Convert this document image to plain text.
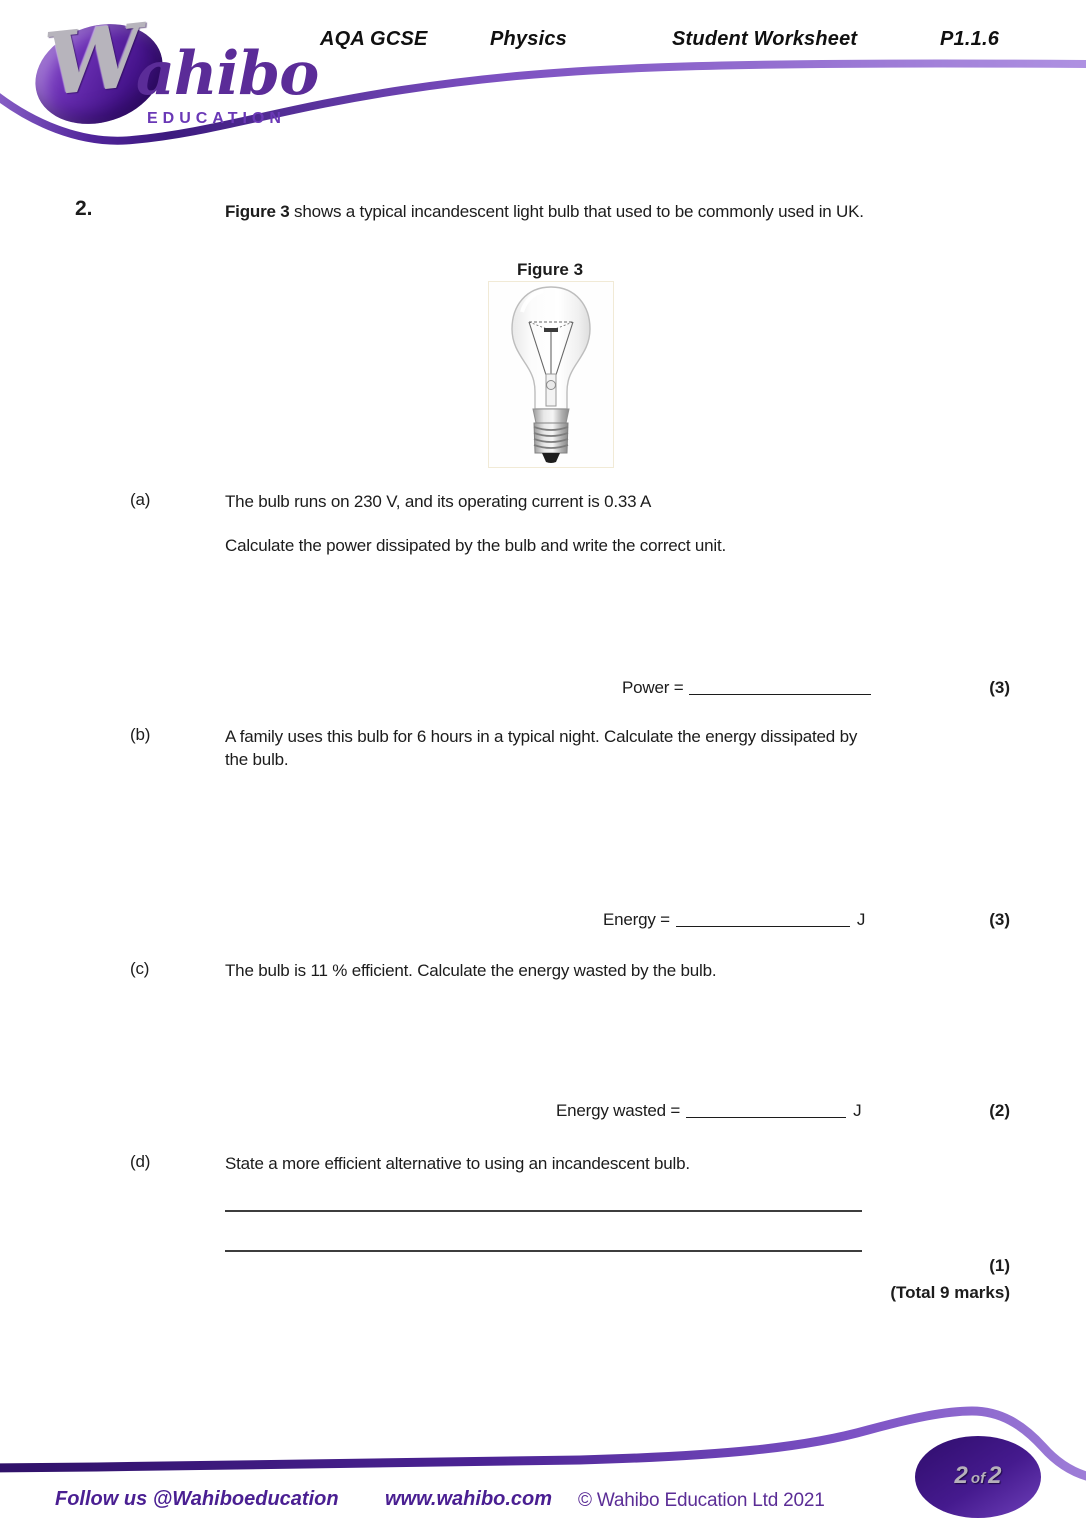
W
ahibo
EDUCATION
AQA GCSE	Physics	Student Worksheet	P1.1.6
2.	Figure 3 shows a typical incandescent light bulb that used to be commonly used in UK.

Figure 3
(a)	The bulb runs on 230 V, and its operating current is 0.33 A

Calculate the power dissipated by the bulb and write the correct unit.

Power =	(3)
(b)	A family uses this bulb for 6 hours in a typical night. Calculate the energy dissipated by the bulb.

Energy =	J	(3)
(c)	The bulb is 11 % efficient. Calculate the energy wasted by the bulb.

Energy wasted =	J	(2)
(d)	State a more efficient alternative to using an incandescent bulb.

(1)
(Total 9 marks)
2 of 2
Follow us @Wahiboeducation www.wahibo.com © Wahibo Education Ltd 2021
